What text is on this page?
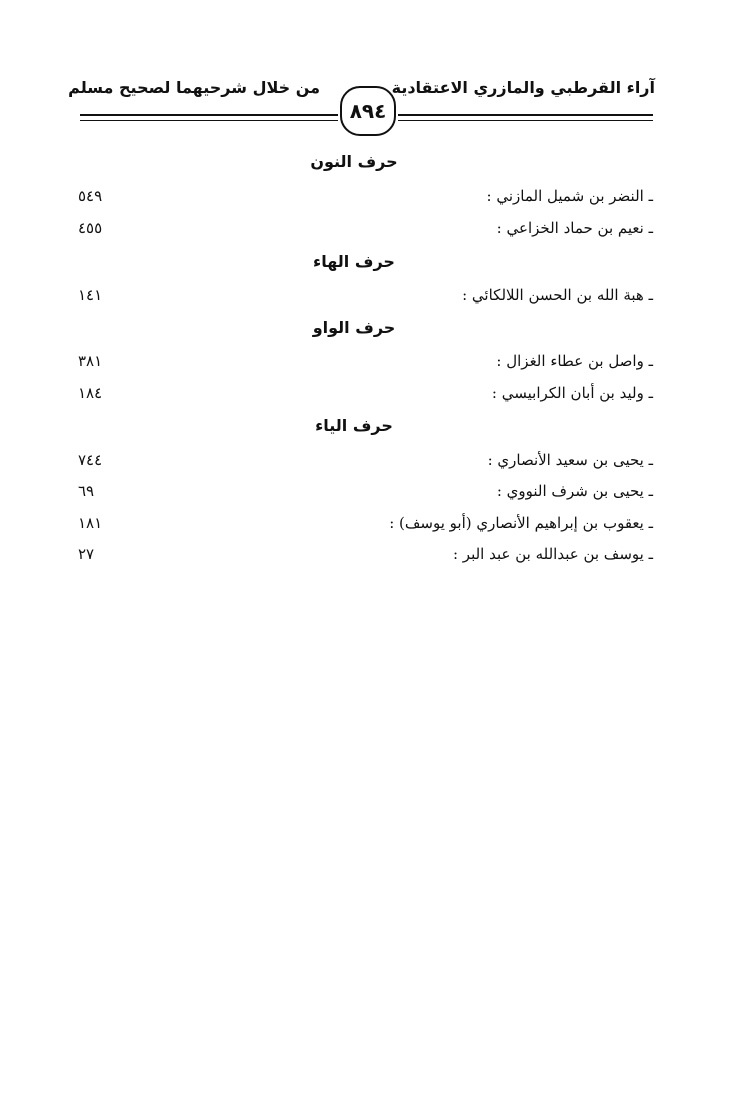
آراء القرطبي والمازري الاعتقادية
من خلال شرحيهما لصحيح مسلم
٨٩٤
حرف النون
ـ النضر بن شميل المازني :
٥٤٩
ـ نعيم بن حماد الخزاعي :
٤٥٥
حرف الهاء
ـ هبة الله بن الحسن اللالكائي :
١٤١
حرف الواو
ـ واصل بن عطاء الغزال :
٣٨١
ـ وليد بن أبان الكرابيسي :
١٨٤
حرف الياء
ـ يحيى بن سعيد الأنصاري :
٧٤٤
ـ يحيى بن شرف النووي :
٦٩
ـ يعقوب بن إبراهيم الأنصاري (أبو يوسف) :
١٨١
ـ يوسف بن عبدالله بن عبد البر :
٢٧
